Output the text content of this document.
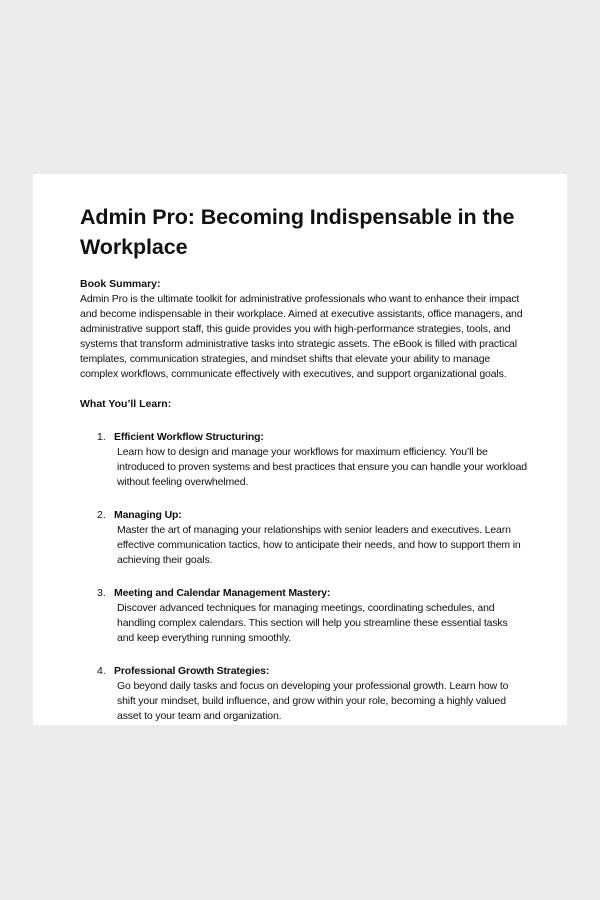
Admin Pro: Becoming Indispensable in the Workplace
Book Summary:

Admin Pro is the ultimate toolkit for administrative professionals who want to enhance their impact and become indispensable in their workplace. Aimed at executive assistants, office managers, and administrative support staff, this guide provides you with high-performance strategies, tools, and systems that transform administrative tasks into strategic assets. The eBook is filled with practical templates, communication strategies, and mindset shifts that elevate your ability to manage complex workflows, communicate effectively with executives, and support organizational goals.

What You’ll Learn:
1. Efficient Workflow Structuring:
Learn how to design and manage your workflows for maximum efficiency. You’ll be introduced to proven systems and best practices that ensure you can handle your workload without feeling overwhelmed.
2. Managing Up:
Master the art of managing your relationships with senior leaders and executives. Learn effective communication tactics, how to anticipate their needs, and how to support them in achieving their goals.
3. Meeting and Calendar Management Mastery:
Discover advanced techniques for managing meetings, coordinating schedules, and handling complex calendars. This section will help you streamline these essential tasks and keep everything running smoothly.
4. Professional Growth Strategies:
Go beyond daily tasks and focus on developing your professional growth. Learn how to shift your mindset, build influence, and grow within your role, becoming a highly valued asset to your team and organization.
